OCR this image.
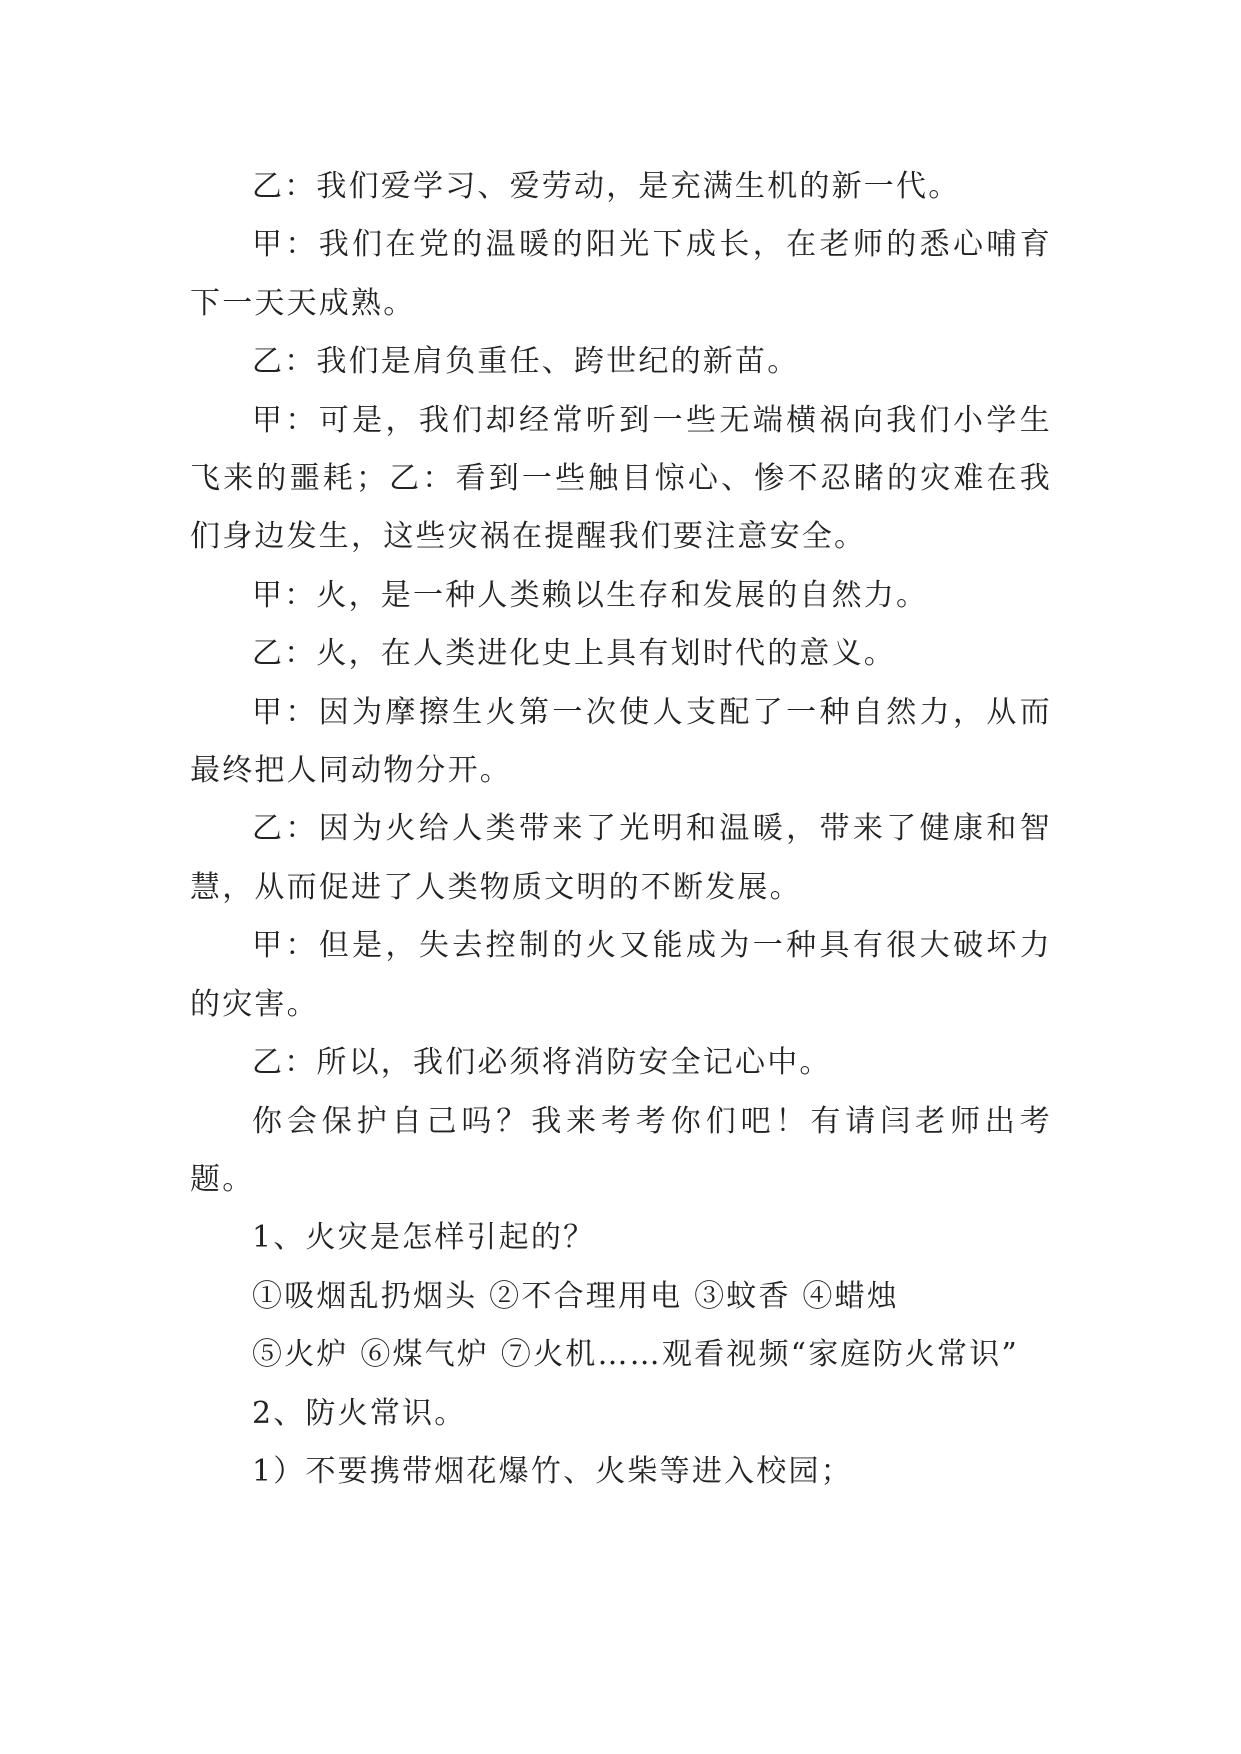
乙：我们爱学习、爱劳动，是充满生机的新一代。

甲：我们在党的温暖的阳光下成长，在老师的悉心哺育下一天天成熟。

乙：我们是肩负重任、跨世纪的新苗。

甲：可是，我们却经常听到一些无端横祸向我们小学生飞来的噩耗；乙：看到一些触目惊心、惨不忍睹的灾难在我们身边发生，这些灾祸在提醒我们要注意安全。

甲：火，是一种人类赖以生存和发展的自然力。

乙：火，在人类进化史上具有划时代的意义。

甲：因为摩擦生火第一次使人支配了一种自然力，从而最终把人同动物分开。

乙：因为火给人类带来了光明和温暖，带来了健康和智慧，从而促进了人类物质文明的不断发展。

甲：但是，失去控制的火又能成为一种具有很大破坏力的灾害。

乙：所以，我们必须将消防安全记心中。

你会保护自己吗？我来考考你们吧！有请闫老师出考题。

1、火灾是怎样引起的？

①吸烟乱扔烟头 ②不合理用电 ③蚊香 ④蜡烛

⑤火炉 ⑥煤气炉 ⑦火机……观看视频“家庭防火常识”

2、防火常识。

1）不要携带烟花爆竹、火柴等进入校园；
